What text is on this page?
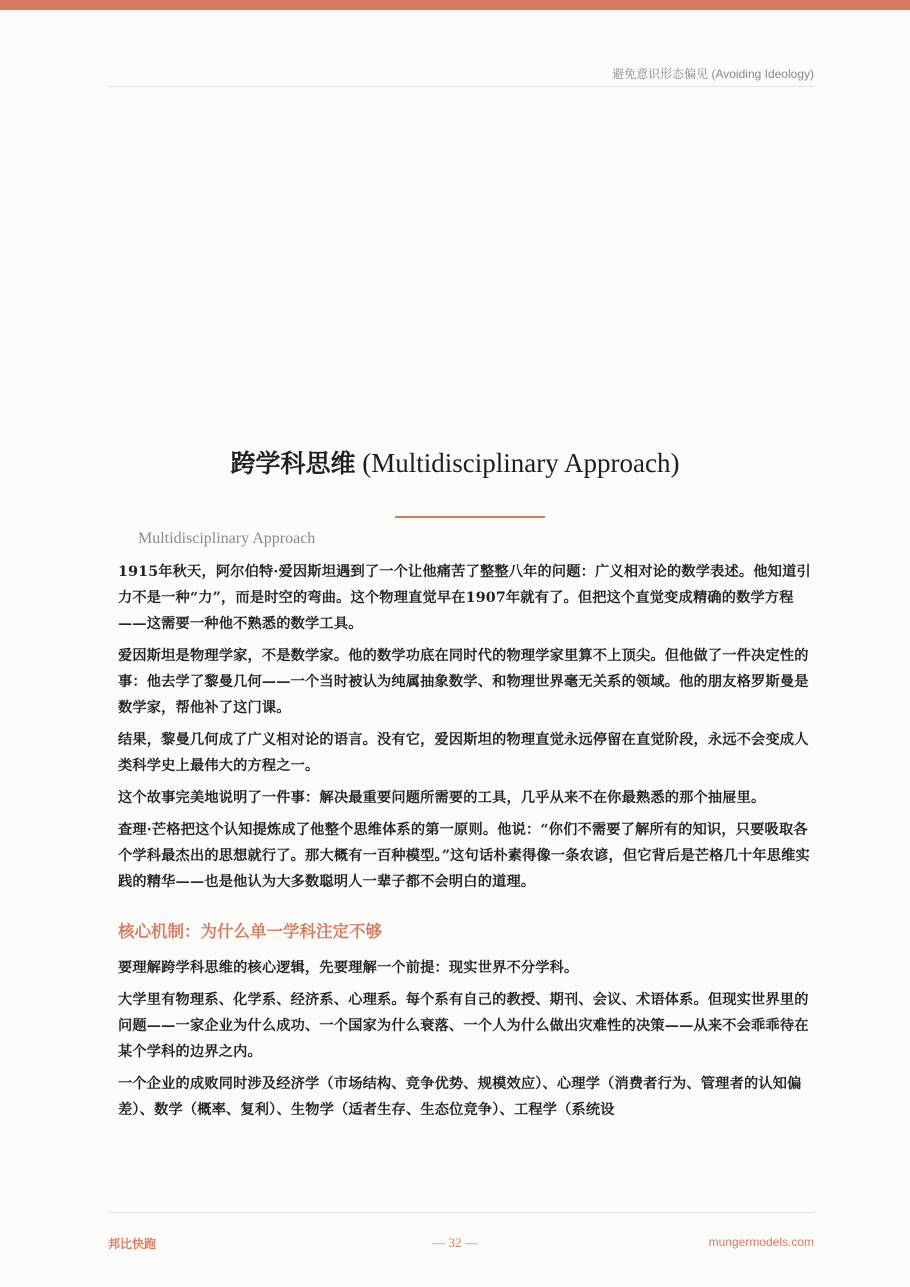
避免意识形态偏见 (Avoiding Ideology)
跨学科思维 (Multidisciplinary Approach)
Multidisciplinary Approach

1915年秋天，阿尔伯特·爱因斯坦遇到了一个让他痛苦了整整八年的问题：广义相对论的数学表述。他知道引力不是一种“力”，而是时空的弯曲。这个物理直觉早在1907年就有了。但把这个直觉变成精确的数学方程——这需要一种他不熟悉的数学工具。

爱因斯坦是物理学家，不是数学家。他的数学功底在同时代的物理学家里算不上顶尖。但他做了一件决定性的事：他去学了黎曼几何——一个当时被认为纯属抽象数学、和物理世界毫无关系的领域。他的朋友格罗斯曼是数学家，帮他补了这门课。

结果，黎曼几何成了广义相对论的语言。没有它，爱因斯坦的物理直觉永远停留在直觉阶段，永远不会变成人类科学史上最伟大的方程之一。

这个故事完美地说明了一件事：解决最重要问题所需要的工具，几乎从来不在你最熟悉的那个抽屉里。

查理·芒格把这个认知提炼成了他整个思维体系的第一原则。他说：“你们不需要了解所有的知识，只要吸取各个学科最杰出的思想就行了。那大概有一百种模型。”这句话朴素得像一条农谚，但它背后是芒格几十年思维实践的精华——也是他认为大多数聪明人一辈子都不会明白的道理。

核心机制：为什么单一学科注定不够

要理解跨学科思维的核心逻辑，先要理解一个前提：现实世界不分学科。

大学里有物理系、化学系、经济系、心理系。每个系有自己的教授、期刊、会议、术语体系。但现实世界里的问题——一家企业为什么成功、一个国家为什么衰落、一个人为什么做出灾难性的决策——从来不会乖乖待在某个学科的边界之内。

一个企业的成败同时涉及经济学（市场结构、竞争优势、规模效应）、心理学（消费者行为、管理者的认知偏差）、数学（概率、复利）、生物学（适者生存、生态位竞争）、工程学（系统设

邦比快跑	— 32 —	mungermodels.com
